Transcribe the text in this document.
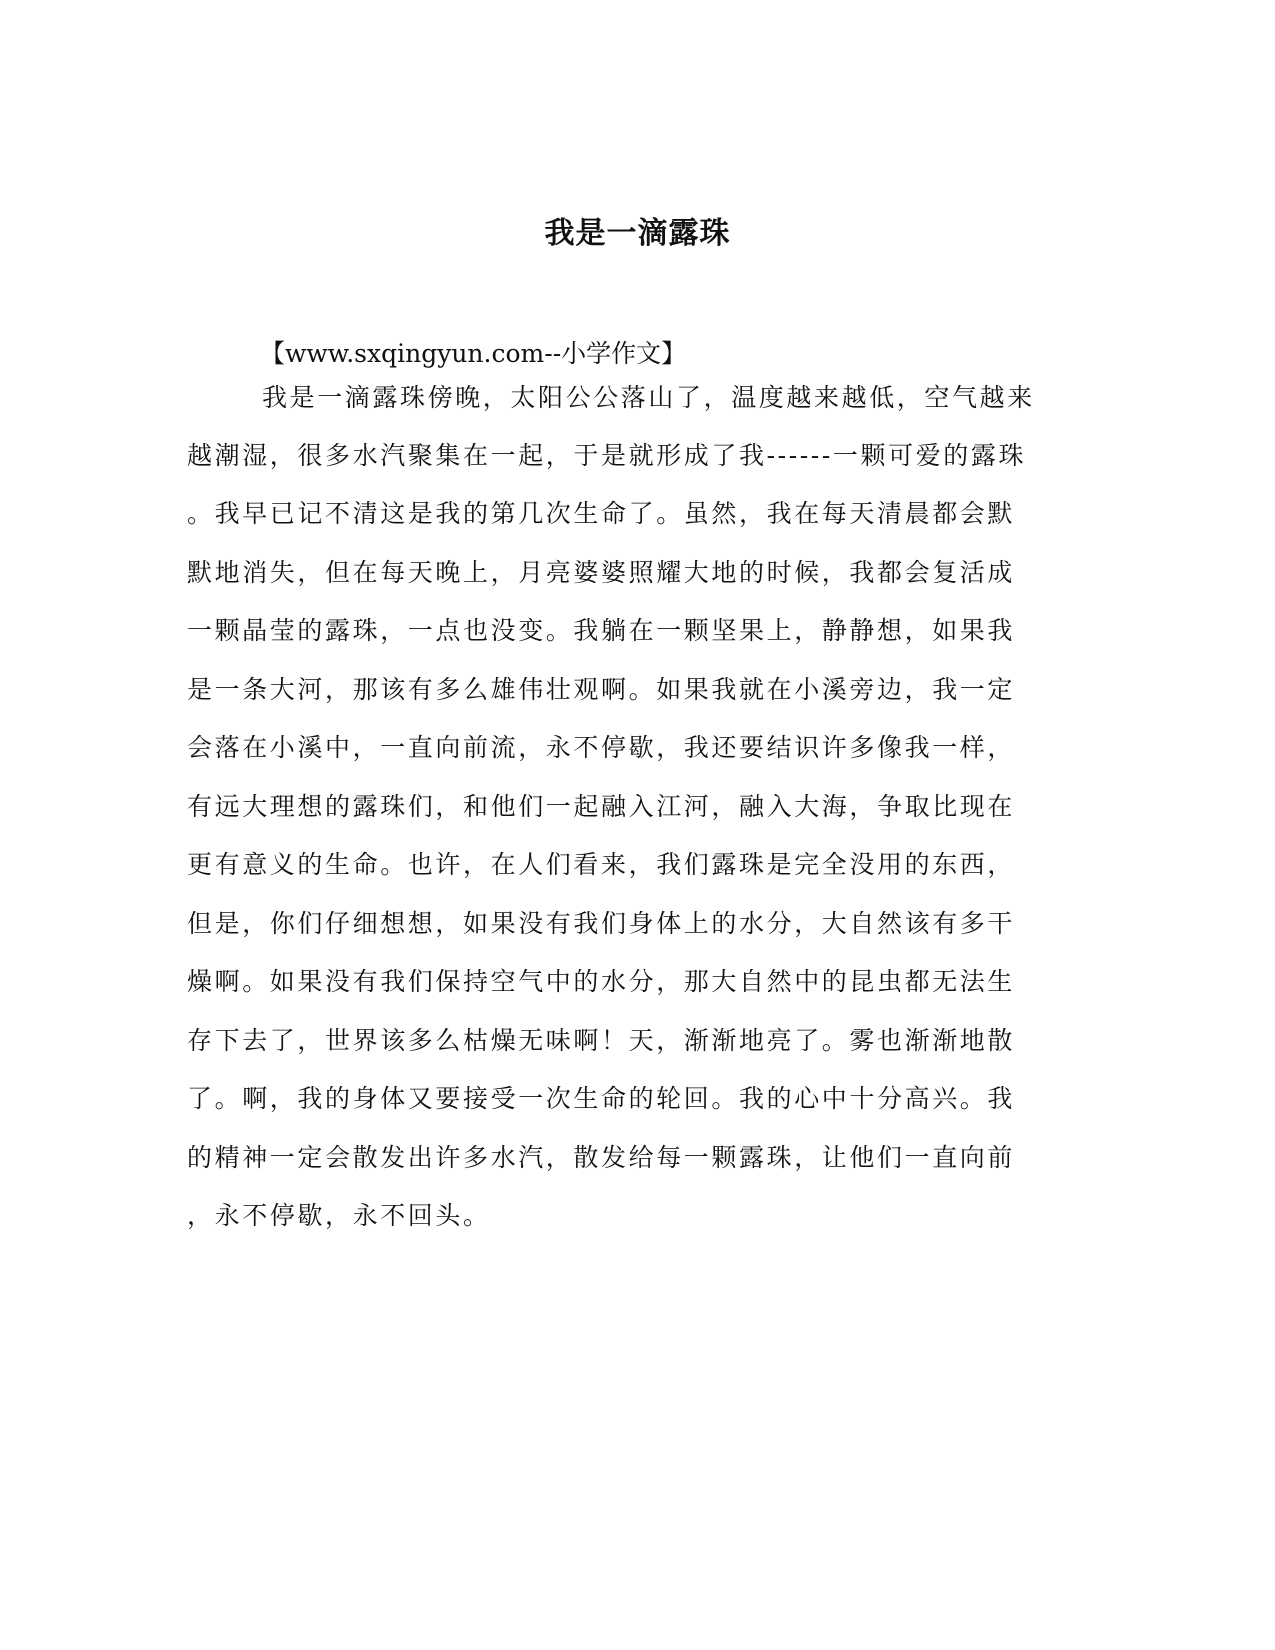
我是一滴露珠
【www.sxqingyun.com--小学作文】
我是一滴露珠傍晚，太阳公公落山了，温度越来越低，空气越来
越潮湿，很多水汽聚集在一起，于是就形成了我------一颗可爱的露珠
。我早已记不清这是我的第几次生命了。虽然，我在每天清晨都会默
默地消失，但在每天晚上，月亮婆婆照耀大地的时候，我都会复活成
一颗晶莹的露珠，一点也没变。我躺在一颗坚果上，静静想，如果我
是一条大河，那该有多么雄伟壮观啊。如果我就在小溪旁边，我一定
会落在小溪中，一直向前流，永不停歇，我还要结识许多像我一样，
有远大理想的露珠们，和他们一起融入江河，融入大海，争取比现在
更有意义的生命。也许，在人们看来，我们露珠是完全没用的东西，
但是，你们仔细想想，如果没有我们身体上的水分，大自然该有多干
燥啊。如果没有我们保持空气中的水分，那大自然中的昆虫都无法生
存下去了，世界该多么枯燥无味啊！天，渐渐地亮了。雾也渐渐地散
了。啊，我的身体又要接受一次生命的轮回。我的心中十分高兴。我
的精神一定会散发出许多水汽，散发给每一颗露珠，让他们一直向前
，永不停歇，永不回头。
